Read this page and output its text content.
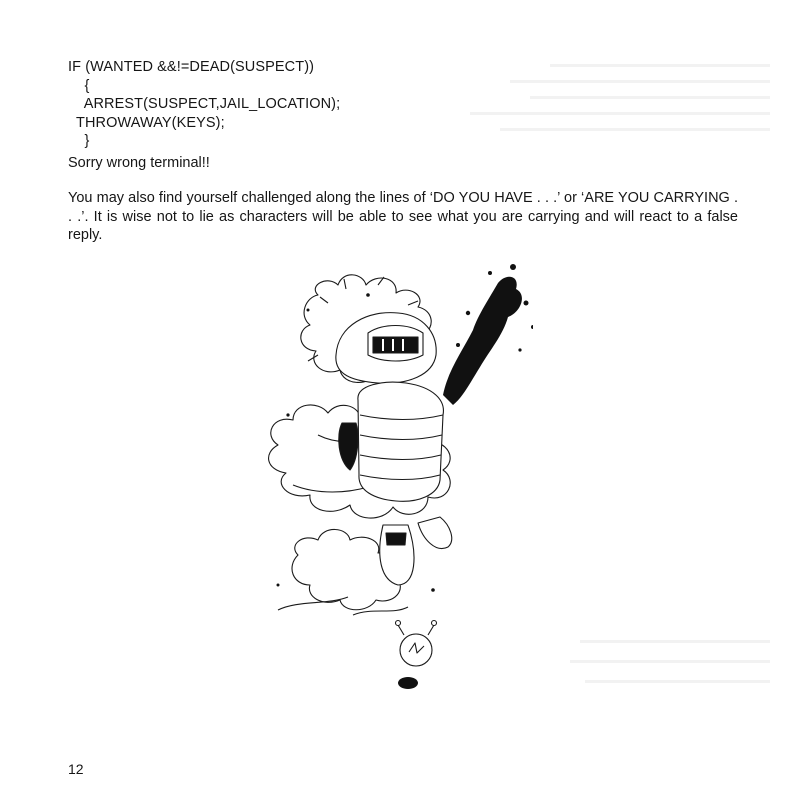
IF (WANTED &&!=DEAD(SUSPECT))
{
ARREST(SUSPECT,JAIL_LOCATION);
THROWAWAY(KEYS);
}
Sorry wrong terminal!!
You may also find yourself challenged along the lines of ‘DO YOU HAVE . . .’ or ‘ARE YOU CARRYING . . .’. It is wise not to lie as characters will be able to see what you are carrying and will react to a false reply.
12
